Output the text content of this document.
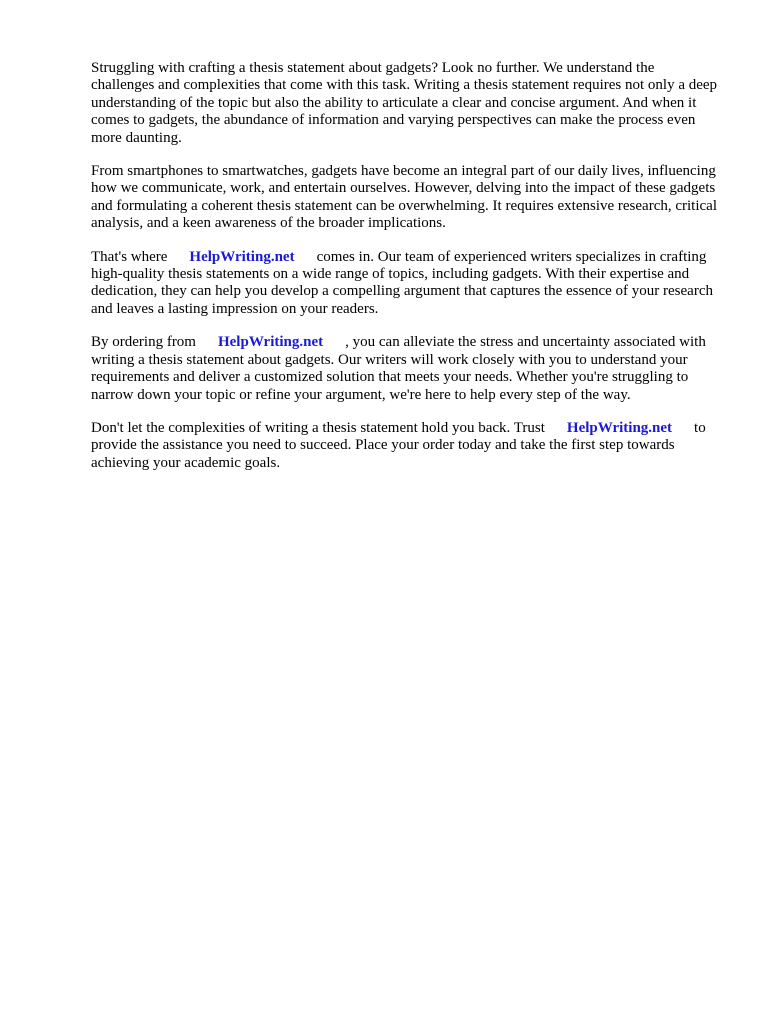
Struggling with crafting a thesis statement about gadgets? Look no further. We understand the challenges and complexities that come with this task. Writing a thesis statement requires not only a deep understanding of the topic but also the ability to articulate a clear and concise argument. And when it comes to gadgets, the abundance of information and varying perspectives can make the process even more daunting.

From smartphones to smartwatches, gadgets have become an integral part of our daily lives, influencing how we communicate, work, and entertain ourselves. However, delving into the impact of these gadgets and formulating a coherent thesis statement can be overwhelming. It requires extensive research, critical analysis, and a keen awareness of the broader implications.

That's where HelpWriting.net comes in. Our team of experienced writers specializes in crafting high-quality thesis statements on a wide range of topics, including gadgets. With their expertise and dedication, they can help you develop a compelling argument that captures the essence of your research and leaves a lasting impression on your readers.

By ordering from HelpWriting.net , you can alleviate the stress and uncertainty associated with writing a thesis statement about gadgets. Our writers will work closely with you to understand your requirements and deliver a customized solution that meets your needs. Whether you're struggling to narrow down your topic or refine your argument, we're here to help every step of the way.

Don't let the complexities of writing a thesis statement hold you back. Trust HelpWriting.net to provide the assistance you need to succeed. Place your order today and take the first step towards achieving your academic goals.
